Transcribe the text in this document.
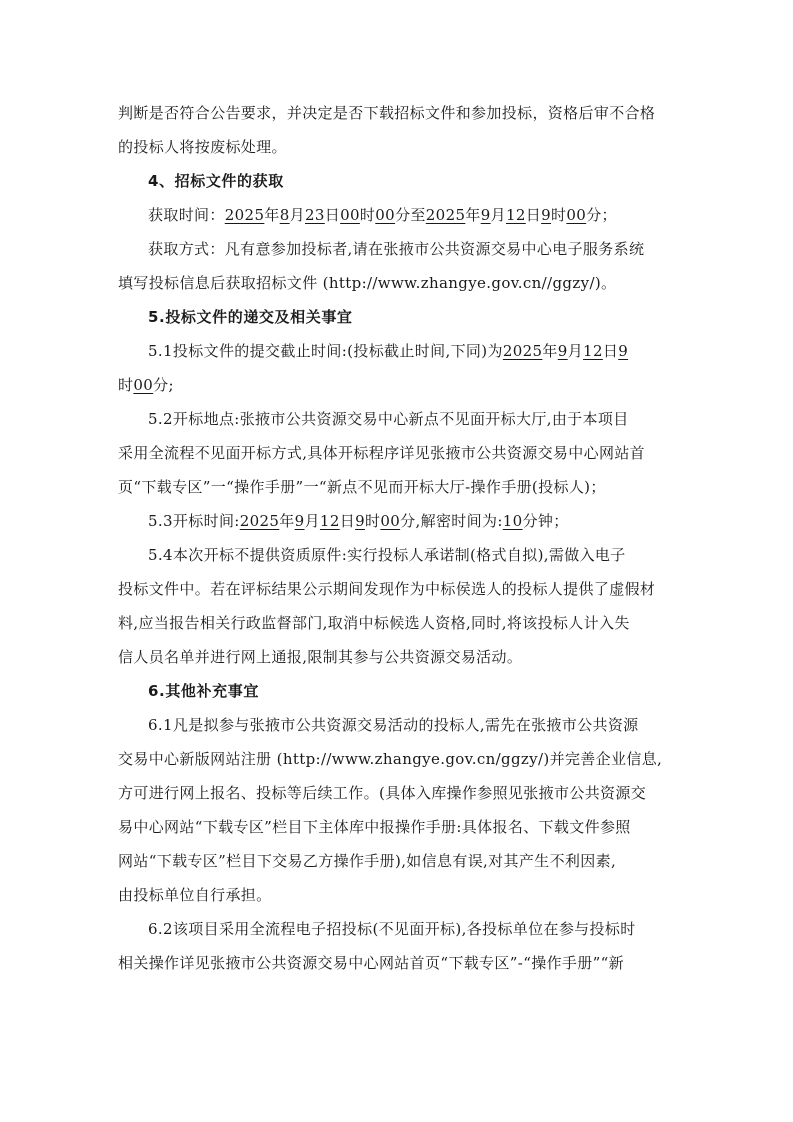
判断是否符合公告要求，并决定是否下载招标文件和参加投标，资格后审不合格
的投标人将按废标处理。
4、招标文件的获取
获取时间：2025年8月23日00时00分至2025年9月12日9时00分；
获取方式：凡有意参加投标者,请在张掖市公共资源交易中心电子服务系统
填写投标信息后获取招标文件 (http://www.zhangye.gov.cn//ggzy/)。
5.投标文件的递交及相关事宜
5.1投标文件的提交截止时间:(投标截止时间,下同)为2025年9月12日9
时00分;
5.2开标地点:张掖市公共资源交易中心新点不见面开标大厅,由于本项目
采用全流程不见面开标方式,具体开标程序详见张掖市公共资源交易中心网站首
页“下载专区”一“操作手册”一“新点不见而开标大厅-操作手册(投标人)；
5.3开标时间:2025年9月12日9时00分,解密时间为:10分钟；
5.4本次开标不提供资质原件:实行投标人承诺制(格式自拟),需做入电子
投标文件中。若在评标结果公示期间发现作为中标侯选人的投标人提供了虚假材
料,应当报告相关行政监督部门,取消中标候选人资格,同时,将该投标人计入失
信人员名单并进行网上通报,限制其参与公共资源交易活动。
6.其他补充事宜
6.1凡是拟参与张掖市公共资源交易活动的投标人,需先在张掖市公共资源
交易中心新版网站注册 (http://www.zhangye.gov.cn/ggzy/)并完善企业信息,
方可进行网上报名、投标等后续工作。(具体入库操作参照见张掖市公共资源交
易中心网站“下载专区”栏目下主体库中报操作手册:具体报名、下载文件参照
网站“下载专区”栏目下交易乙方操作手册),如信息有误,对其产生不利因素,
由投标单位自行承担。
6.2该项目采用全流程电子招投标(不见面开标),各投标单位在参与投标时
相关操作详见张掖市公共资源交易中心网站首页“下载专区”-“操作手册”“新
